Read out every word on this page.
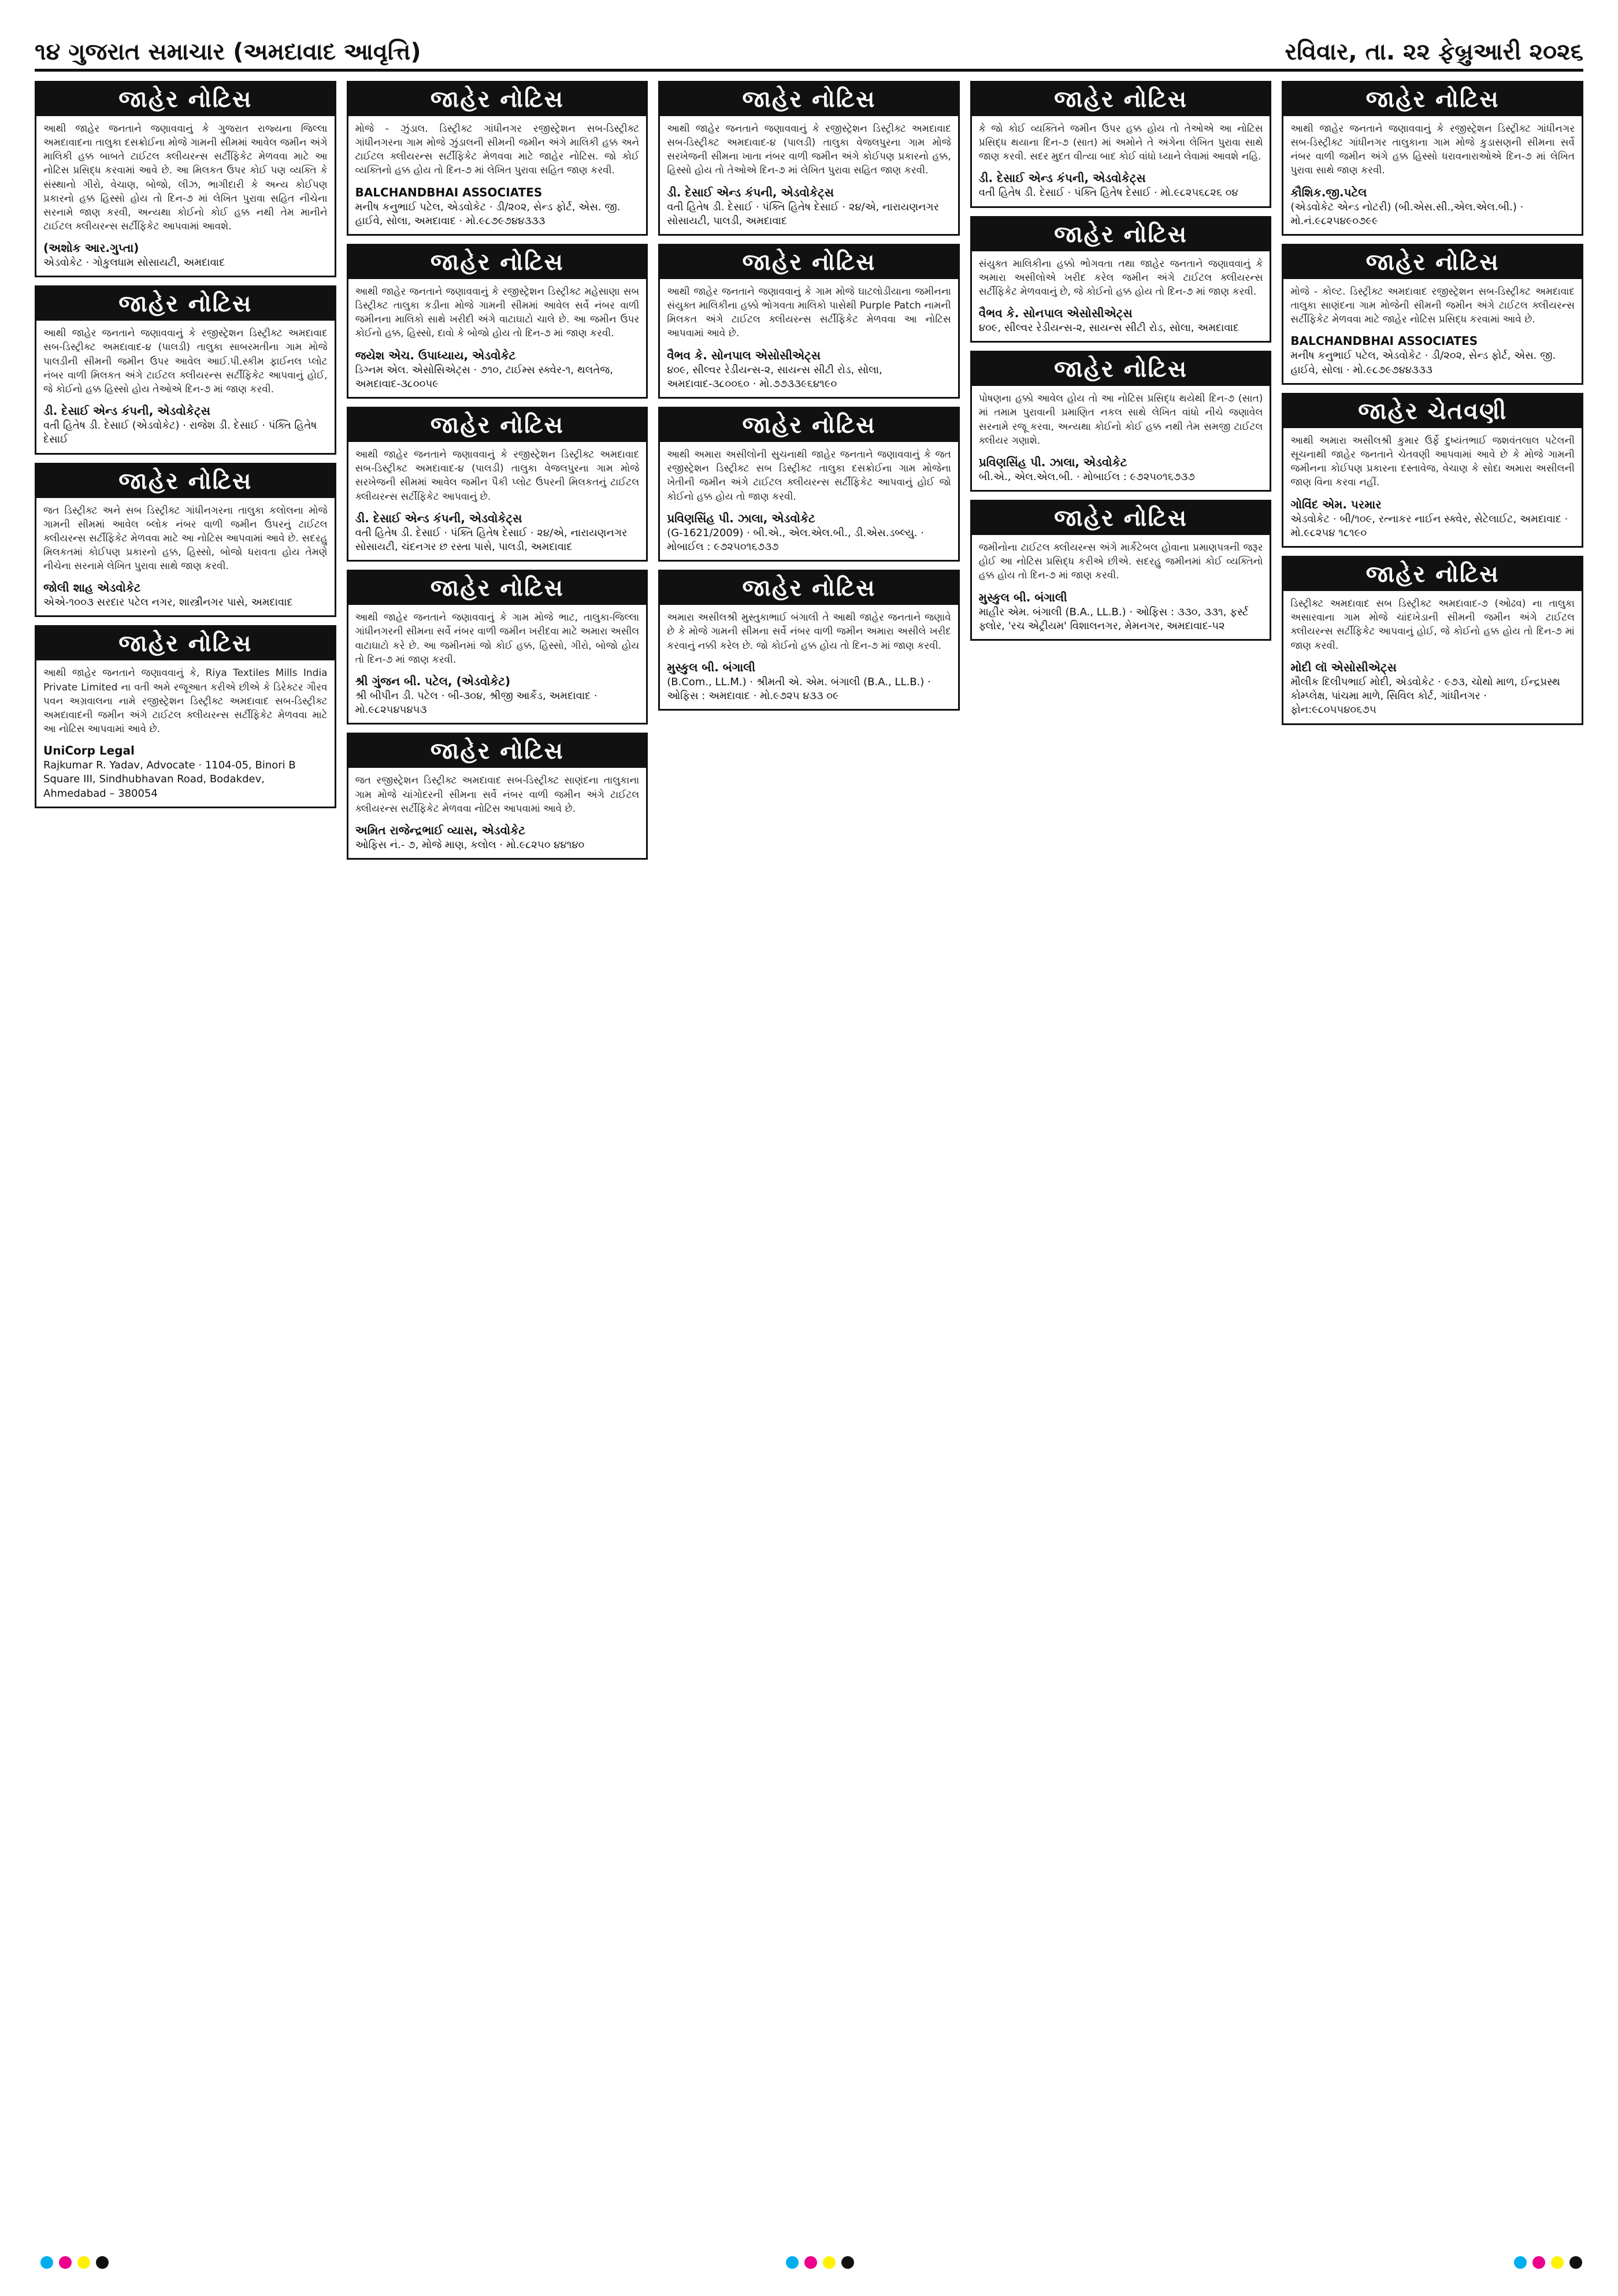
૧૪ ગુજરાત સમાચાર (અમદાવાદ આવૃત્તિ)	રવિવાર, તા. ૨૨ ફેબ્રુઆરી ૨૦૨૬
જાહેર નોટિસ

આથી જાહેર જનતાને જણાવવાનું કે ગુજરાત રાજ્યના જિલ્લા અમદાવાદના તાલુકા દસક્રોઈના મોજે ગામની સીમમાં આવેલ જમીન અંગે માલિકી હક્ક બાબતે ટાઈટલ ક્લીયરન્સ સર્ટીફિકેટ મેળવવા માટે આ નોટિસ પ્રસિદ્ધ કરવામાં આવે છે. આ મિલકત ઉપર કોઈ પણ વ્યક્તિ કે સંસ્થાનો ગીરો, વેચાણ, બોજો, લીઝ, ભાગીદારી કે અન્ય કોઈપણ પ્રકારનો હક્ક હિસ્સો હોય તો દિન-૭ માં લેખિત પુરાવા સહિત નીચેના સરનામે જાણ કરવી, અન્યથા કોઈનો કોઈ હક્ક નથી તેમ માનીને ટાઈટલ ક્લીયરન્સ સર્ટીફિકેટ આપવામાં આવશે.

(અશોક આર.ગુપ્તા)
એડવોકેટ · ગોકુલધામ સોસાયટી, અમદાવાદ
જાહેર નોટિસ

આથી જાહેર જનતાને જણાવવાનું કે રજીસ્ટ્રેશન ડિસ્ટ્રીક્ટ અમદાવાદ સબ-ડિસ્ટ્રીક્ટ અમદાવાદ-૪ (પાલડી) તાલુકા સાબરમતીના ગામ મોજે પાલડીની સીમની જમીન ઉપર આવેલ આઈ.પી.સ્કીમ ફાઈનલ પ્લોટ નંબર વાળી મિલકત અંગે ટાઈટલ ક્લીયરન્સ સર્ટીફિકેટ આપવાનું હોઈ, જે કોઈનો હક્ક હિસ્સો હોય તેઓએ દિન-૭ માં જાણ કરવી.

ડી. દેસાઈ એન્ડ કંપની, એડવોકેટ્સ
વતી હિતેષ ડી. દેસાઈ (એડવોકેટ) · રાજેશ ડી. દેસાઈ · પંક્તિ હિતેષ દેસાઈ
જાહેર નોટિસ

જત ડિસ્ટ્રીક્ટ અને સબ ડિસ્ટ્રીક્ટ ગાંધીનગરના તાલુકા કલોલના મોજે ગામની સીમમાં આવેલ બ્લોક નંબર વાળી જમીન ઉપરનું ટાઈટલ ક્લીયરન્સ સર્ટીફિકેટ મેળવવા માટે આ નોટિસ આપવામાં આવે છે. સદરહુ મિલકતમાં કોઈપણ પ્રકારનો હક્ક, હિસ્સો, બોજો ધરાવતા હોય તેમણે નીચેના સરનામે લેખિત પુરાવા સાથે જાણ કરવી.

જોલી શાહ એડવોકેટ
એએ-૧૦૦૩ સરદાર પટેલ નગર, શાસ્ત્રીનગર પાસે, અમદાવાદ
જાહેર નોટિસ

આથી જાહેર જનતાને જણાવવાનું કે, Riya Textiles Mills India Private Limited ના વતી અમે રજૂઆત કરીએ છીએ કે ડિરેક્ટર ગૌરવ પવન અગ્રવાલના નામે રજીસ્ટ્રેશન ડિસ્ટ્રીક્ટ અમદાવાદ સબ-ડિસ્ટ્રીક્ટ અમદાવાદની જમીન અંગે ટાઈટલ ક્લીયરન્સ સર્ટીફિકેટ મેળવવા માટે આ નોટિસ આપવામાં આવે છે.

UniCorp Legal
Rajkumar R. Yadav, Advocate · 1104-05, Binori B Square III, Sindhubhavan Road, Bodakdev, Ahmedabad – 380054
જાહેર નોટિસ

મોજે - ઝુંડાલ. ડિસ્ટ્રીક્ટ ગાંધીનગર રજીસ્ટ્રેશન સબ-ડિસ્ટ્રીક્ટ ગાંધીનગરના ગામ મોજે ઝુંડાલની સીમની જમીન અંગે માલિકી હક્ક અને ટાઈટલ ક્લીયરન્સ સર્ટીફિકેટ મેળવવા માટે જાહેર નોટિસ. જો કોઈ વ્યક્તિનો હક્ક હોય તો દિન-૭ માં લેખિત પુરાવા સહિત જાણ કરવી.

BALCHANDBHAI ASSOCIATES
મનીષ કનુભાઈ પટેલ, એડવોકેટ · ડી/૨૦૨, સેન્ડ ફોર્ટ, એસ. જી. હાઈવે, સોલા, અમદાવાદ · મો.૯૮૭૯૭૪૪૩૩૩
જાહેર નોટિસ

આથી જાહેર જનતાને જણાવવાનું કે રજીસ્ટ્રેશન ડિસ્ટ્રીક્ટ મહેસાણા સબ ડિસ્ટ્રીક્ટ તાલુકા કડીના મોજે ગામની સીમમાં આવેલ સર્વે નંબર વાળી જમીનના માલિકો સાથે ખરીદી અંગે વાટાઘાટો ચાલે છે. આ જમીન ઉપર કોઈનો હક્ક, હિસ્સો, દાવો કે બોજો હોય તો દિન-૭ માં જાણ કરવી.

જયેશ એચ. ઉપાધ્યાય, એડવોકેટ
ડિગ્નમ એલ. એસોસિએટ્સ · ૭૧૦, ટાઈમ્સ સ્ક્વેર-૧, થલતેજ, અમદાવાદ-૩૮૦૦૫૯
જાહેર નોટિસ

આથી જાહેર જનતાને જણાવવાનું કે રજીસ્ટ્રેશન ડિસ્ટ્રીક્ટ અમદાવાદ સબ-ડિસ્ટ્રીક્ટ અમદાવાદ-૪ (પાલડી) તાલુકા વેજલપુરના ગામ મોજે સરખેજની સીમમાં આવેલ જમીન પૈકી પ્લોટ ઉપરની મિલકતનું ટાઈટલ ક્લીયરન્સ સર્ટીફિકેટ આપવાનું છે.

ડી. દેસાઈ એન્ડ કંપની, એડવોકેટ્સ
વતી હિતેષ ડી. દેસાઈ · પંક્તિ હિતેષ દેસાઈ · ૨૪/એ, નારાયણનગર સોસાયટી, ચંદનગર છ રસ્તા પાસે, પાલડી, અમદાવાદ
જાહેર નોટિસ

આથી જાહેર જનતાને જણાવવાનું કે ગામ મોજે ભાટ, તાલુકા-જિલ્લા ગાંધીનગરની સીમના સર્વે નંબર વાળી જમીન ખરીદવા માટે અમારા અસીલ વાટાઘાટો કરે છે. આ જમીનમાં જો કોઈ હક્ક, હિસ્સો, ગીરો, બોજો હોય તો દિન-૭ માં જાણ કરવી.

શ્રી ગુંજન બી. પટેલ, (એડવોકેટ)
શ્રી બીપીન ડી. પટેલ · બી-૩૦૪, શ્રીજી આર્કેડ, અમદાવાદ · મો.૯૮૨૫૪૫૪૫૩
જાહેર નોટિસ

જત રજીસ્ટ્રેશન ડિસ્ટ્રીક્ટ અમદાવાદ સબ-ડિસ્ટ્રીક્ટ સાણંદના તાલુકાના ગામ મોજે ચાંગોદરની સીમના સર્વે નંબર વાળી જમીન અંગે ટાઈટલ ક્લીયરન્સ સર્ટીફિકેટ મેળવવા નોટિસ આપવામાં આવે છે.

અમિત રાજેન્દ્રભાઈ વ્યાસ, એડવોકેટ
ઓફિસ નં.- ૭, મોજે માણ, કલોલ · મો.૯૮૨૫૦ ૪૪૧૪૦
જાહેર નોટિસ

આથી જાહેર જનતાને જણાવવાનું કે રજીસ્ટ્રેશન ડિસ્ટ્રીક્ટ અમદાવાદ સબ-ડિસ્ટ્રીક્ટ અમદાવાદ-૪ (પાલડી) તાલુકા વેજલપુરના ગામ મોજે સરખેજની સીમના ખાતા નંબર વાળી જમીન અંગે કોઈપણ પ્રકારનો હક્ક, હિસ્સો હોય તો તેઓએ દિન-૭ માં લેખિત પુરાવા સહિત જાણ કરવી.

ડી. દેસાઈ એન્ડ કંપની, એડવોકેટ્સ
વતી હિતેષ ડી. દેસાઈ · પંક્તિ હિતેષ દેસાઈ · ૨૪/એ, નારાયણનગર સોસાયટી, પાલડી, અમદાવાદ
જાહેર નોટિસ

આથી જાહેર જનતાને જણાવવાનું કે ગામ મોજે ઘાટલોડીયાના જમીનના સંયુક્ત માલિકીના હક્કો ભોગવતા માલિકો પાસેથી Purple Patch નામની મિલકત અંગે ટાઈટલ ક્લીયરન્સ સર્ટીફિકેટ મેળવવા આ નોટિસ આપવામાં આવે છે.

વૈભવ કે. સોનપાલ એસોસીએટ્સ
૪૦૯, સીલ્વર રેડીયન્સ-૨, સાયન્સ સીટી રોડ, સોલા, અમદાવાદ-૩૮૦૦૬૦ · મો.૭૭૩૩૯૬૪૧૯૦
જાહેર નોટિસ

આથી અમારા અસીલોની સુચનાથી જાહેર જનતાને જણાવવાનું કે જત રજીસ્ટ્રેશન ડિસ્ટ્રીક્ટ સબ ડિસ્ટ્રીક્ટ તાલુકા દસક્રોઈના ગામ મોજેના ખેતીની જમીન અંગે ટાઈટલ ક્લીયરન્સ સર્ટીફિકેટ આપવાનું હોઈ જો કોઈનો હક્ક હોય તો જાણ કરવી.

પ્રવિણસિંહ પી. ઝાલા, એડવોકેટ
(G-1621/2009) · બી.એ., એલ.એલ.બી., ડી.એસ.ડબ્લ્યુ. · મોબાઈલ : ૯૭૨૫૦૧૬૭૩૭
જાહેર નોટિસ

અમારા અસીલશ્રી મુસ્તુકાભાઈ બંગાલી તે આથી જાહેર જનતાને જણાવે છે કે મોજે ગામની સીમના સર્વે નંબર વાળી જમીન અમારા અસીલે ખરીદ કરવાનું નક્કી કરેલ છે. જો કોઈનો હક્ક હોય તો દિન-૭ માં જાણ કરવી.

મુસ્કુલ બી. બંગાલી
(B.Com., LL.M.) · શ્રીમતી એ. એમ. બંગાલી (B.A., LL.B.) · ઓફિસ : અમદાવાદ · મો.૯૭૨૫ ૪૩૩ ૦૯
જાહેર નોટિસ

કે જો કોઈ વ્યક્તિને જમીન ઉપર હક્ક હોય તો તેઓએ આ નોટિસ પ્રસિદ્ધ થયાના દિન-૭ (સાત) માં અમોને તે અંગેના લેખિત પુરાવા સાથે જાણ કરવી. સદર મુદત વીત્યા બાદ કોઈ વાંધો ધ્યાને લેવામાં આવશે નહિ.

ડી. દેસાઈ એન્ડ કંપની, એડવોકેટ્સ
વતી હિતેષ ડી. દેસાઈ · પંક્તિ હિતેષ દેસાઈ · મો.૯૮૨૫૬૮૨૬ ૦૪
જાહેર નોટિસ

સંયુક્ત માલિકીના હક્કો ભોગવતા તથા જાહેર જનતાને જણાવવાનું કે અમારા અસીલોએ ખરીદ કરેલ જમીન અંગે ટાઈટલ ક્લીયરન્સ સર્ટીફિકેટ મેળવવાનું છે, જે કોઈનો હક્ક હોય તો દિન-૭ માં જાણ કરવી.

વૈભવ કે. સોનપાલ એસોસીએટ્સ
૪૦૯, સીલ્વર રેડીયન્સ-૨, સાયન્સ સીટી રોડ, સોલા, અમદાવાદ
જાહેર નોટિસ

પોષણના હક્કો આવેલ હોય તો આ નોટિસ પ્રસિદ્ધ થયેથી દિન-૭ (સાત) માં તમામ પુરાવાની પ્રમાણિત નકલ સાથે લેખિત વાંધો નીચે જણાવેલ સરનામે રજૂ કરવા, અન્યથા કોઈનો કોઈ હક્ક નથી તેમ સમજી ટાઈટલ ક્લીયર ગણાશે.

પ્રવિણસિંહ પી. ઝાલા, એડવોકેટ
બી.એ., એલ.એલ.બી. · મોબાઈલ : ૯૭૨૫૦૧૬૭૩૭
જાહેર નોટિસ

જમીનોના ટાઈટલ ક્લીયરન્સ અંગે માર્કેટેબલ હોવાના પ્રમાણપત્રની જરૂર હોઈ આ નોટિસ પ્રસિદ્ધ કરીએ છીએ. સદરહુ જમીનમાં કોઈ વ્યક્તિનો હક્ક હોય તો દિન-૭ માં જાણ કરવી.

મુસ્કુલ બી. બંગાલી
માહીર એમ. બંગાલી (B.A., LL.B.) · ઓફિસ : ૩૩૦, ૩૩૧, ફર્સ્ટ ફ્લોર, 'રચ એટ્રીયમ' વિશાલનગર, મેમનગર, અમદાવાદ-૫૨
જાહેર નોટિસ

આથી જાહેર જનતાને જણાવવાનું કે રજીસ્ટ્રેશન ડિસ્ટ્રીક્ટ ગાંધીનગર સબ-ડિસ્ટ્રીક્ટ ગાંધીનગર તાલુકાના ગામ મોજે કુડાસણની સીમના સર્વે નંબર વાળી જમીન અંગે હક્ક હિસ્સો ધરાવનારાઓએ દિન-૭ માં લેખિત પુરાવા સાથે જાણ કરવી.

કૌશિક.જી.પટેલ
(એડવોકેટ એન્ડ નોટરી) (બી.એસ.સી.,એલ.એલ.બી.) · મો.નં.૯૮૨૫૪૯૦૭૯૯
જાહેર નોટિસ

મોજે - કોલ્ટ. ડિસ્ટ્રીક્ટ અમદાવાદ રજીસ્ટ્રેશન સબ-ડિસ્ટ્રીક્ટ અમદાવાદ તાલુકા સાણંદના ગામ મોજેની સીમની જમીન અંગે ટાઈટલ ક્લીયરન્સ સર્ટીફિકેટ મેળવવા માટે જાહેર નોટિસ પ્રસિદ્ધ કરવામાં આવે છે.

BALCHANDBHAI ASSOCIATES
મનીષ કનુભાઈ પટેલ, એડવોકેટ · ડી/૨૦૨, સેન્ડ ફોર્ટ, એસ. જી. હાઈવે, સોલા · મો.૯૮૭૯૭૪૪૩૩૩
જાહેર ચેતવણી

આથી અમારા અસીલશ્રી કુમાર ઉર્ફે દુષ્યંતભાઈ જશવંતલાલ પટેલની સૂચનાથી જાહેર જનતાને ચેતવણી આપવામાં આવે છે કે મોજે ગામની જમીનના કોઈપણ પ્રકારના દસ્તાવેજ, વેચાણ કે સોદા અમારા અસીલની જાણ વિના કરવા નહીં.

ગોવિંદ એમ. પરમાર
એડવોકેટ · બી/૧૦૯, રત્નાકર નાઈન સ્ક્વેર, સેટેલાઈટ, અમદાવાદ · મો.૯૮૨૫૪ ૧૮૧૯૦
જાહેર નોટિસ

ડિસ્ટ્રીક્ટ અમદાવાદ સબ ડિસ્ટ્રીક્ટ અમદાવાદ-૭ (ઓઢવ) ના તાલુકા અસારવાના ગામ મોજે ચાંદખેડાની સીમની જમીન અંગે ટાઈટલ ક્લીયરન્સ સર્ટીફિકેટ આપવાનું હોઈ, જે કોઈનો હક્ક હોય તો દિન-૭ માં જાણ કરવી.

મોદી લૉ એસોસીએટ્સ
મૌલીક દિલીપભાઈ મોદી, એડવોકેટ · ૯૭૩, ચોથો માળ, ઈન્દ્રપ્રસ્થ કોમ્પ્લેક્ષ, પાંચમા માળે, સિવિલ કોર્ટ, ગાંધીનગર · ફોન:૯૮૦૫૫૪૦૬૭૫
